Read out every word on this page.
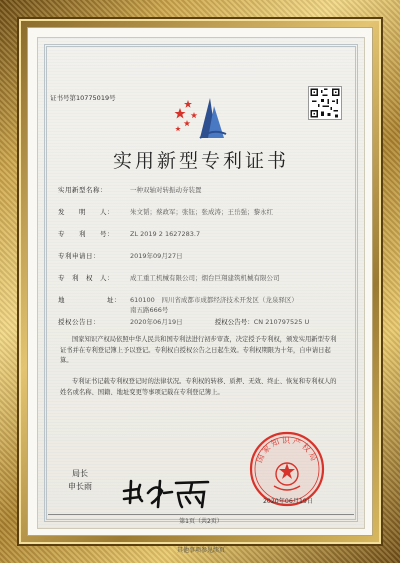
证书号第10775019号
实用新型专利证书
实用新型名称：	一种双轴对转振动夯装置
发　　明　　人： 朱文韬；蔡政军；张钰；张成涛；王岳强；黎永红
专　　利　　号： ZL 2019 2 1627283.7
专利申请日：	2019年09月27日
专　利　权　人： 成工重工机械有限公司；烟台巨翔建筑机械有限公司
地　　　　　　址： 610100　四川省成都市成都经济技术开发区（龙泉驿区）
南五路666号
授权公告日：	2020年06月19日	授权公告号：CN 210797525 U
国家知识产权局依照中华人民共和国专利法进行初步审查，决定授予专利权，颁发实用新型专利证书并在专利登记簿上予以登记。专利权自授权公告之日起生效。专利权期限为十年，自申请日起算。
专利证书记载专利权登记时的法律状况。专利权的转移、质押、无效、终止、恢复和专利权人的姓名或名称、国籍、地址变更等事项记载在专利登记簿上。
局长
申长雨
国家知识产权局
2020年06月19日
第1页（共2页）
其他事项参见续页
